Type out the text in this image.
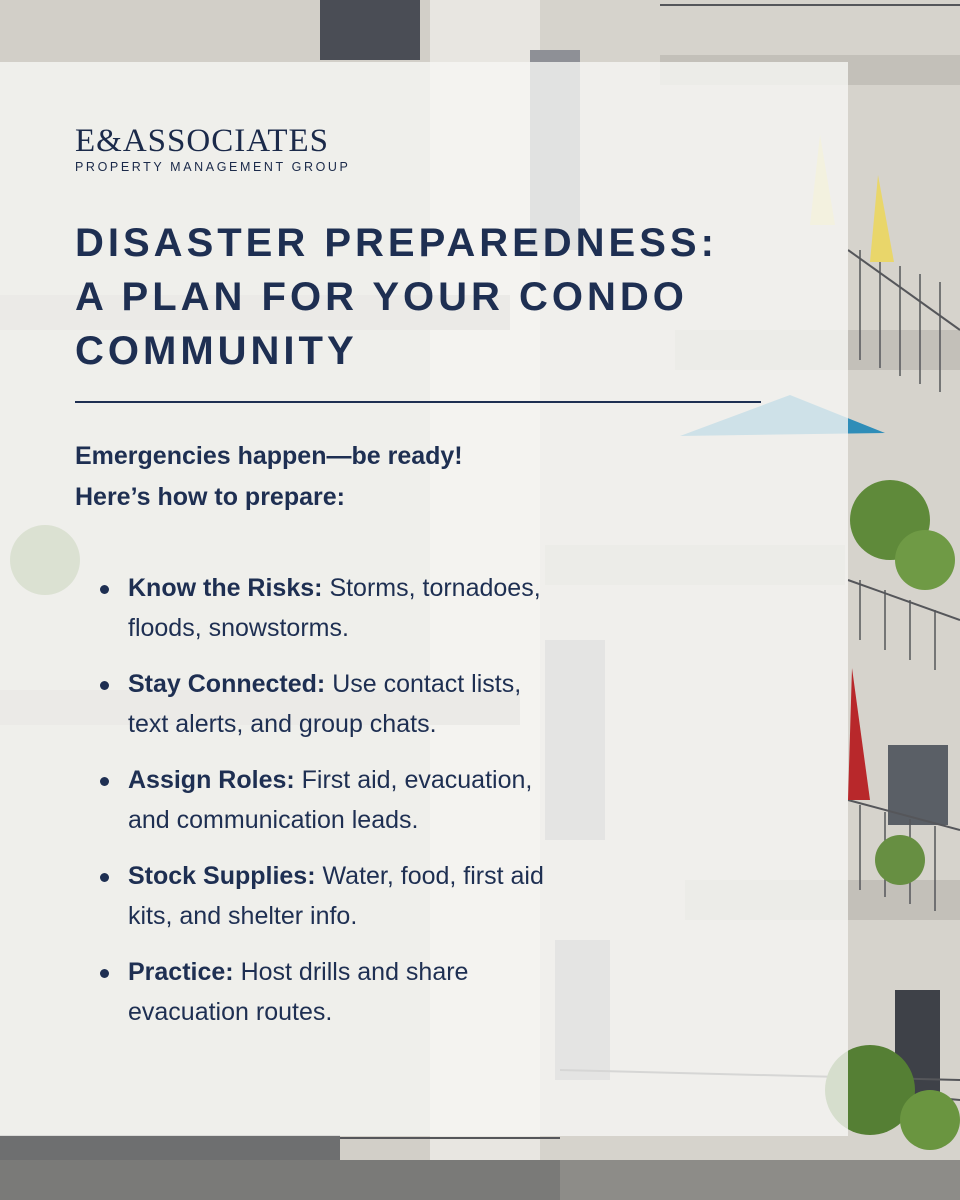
E&ASSOCIATES
PROPERTY MANAGEMENT GROUP
DISASTER PREPAREDNESS:
A PLAN FOR YOUR CONDO
COMMUNITY

Emergencies happen—be ready!
Here’s how to prepare:

Know the Risks: Storms, tornadoes,
floods, snowstorms.
Stay Connected: Use contact lists,
text alerts, and group chats.
Assign Roles: First aid, evacuation,
and communication leads.
Stock Supplies: Water, food, first aid
kits, and shelter info.
Practice: Host drills and share
evacuation routes.
